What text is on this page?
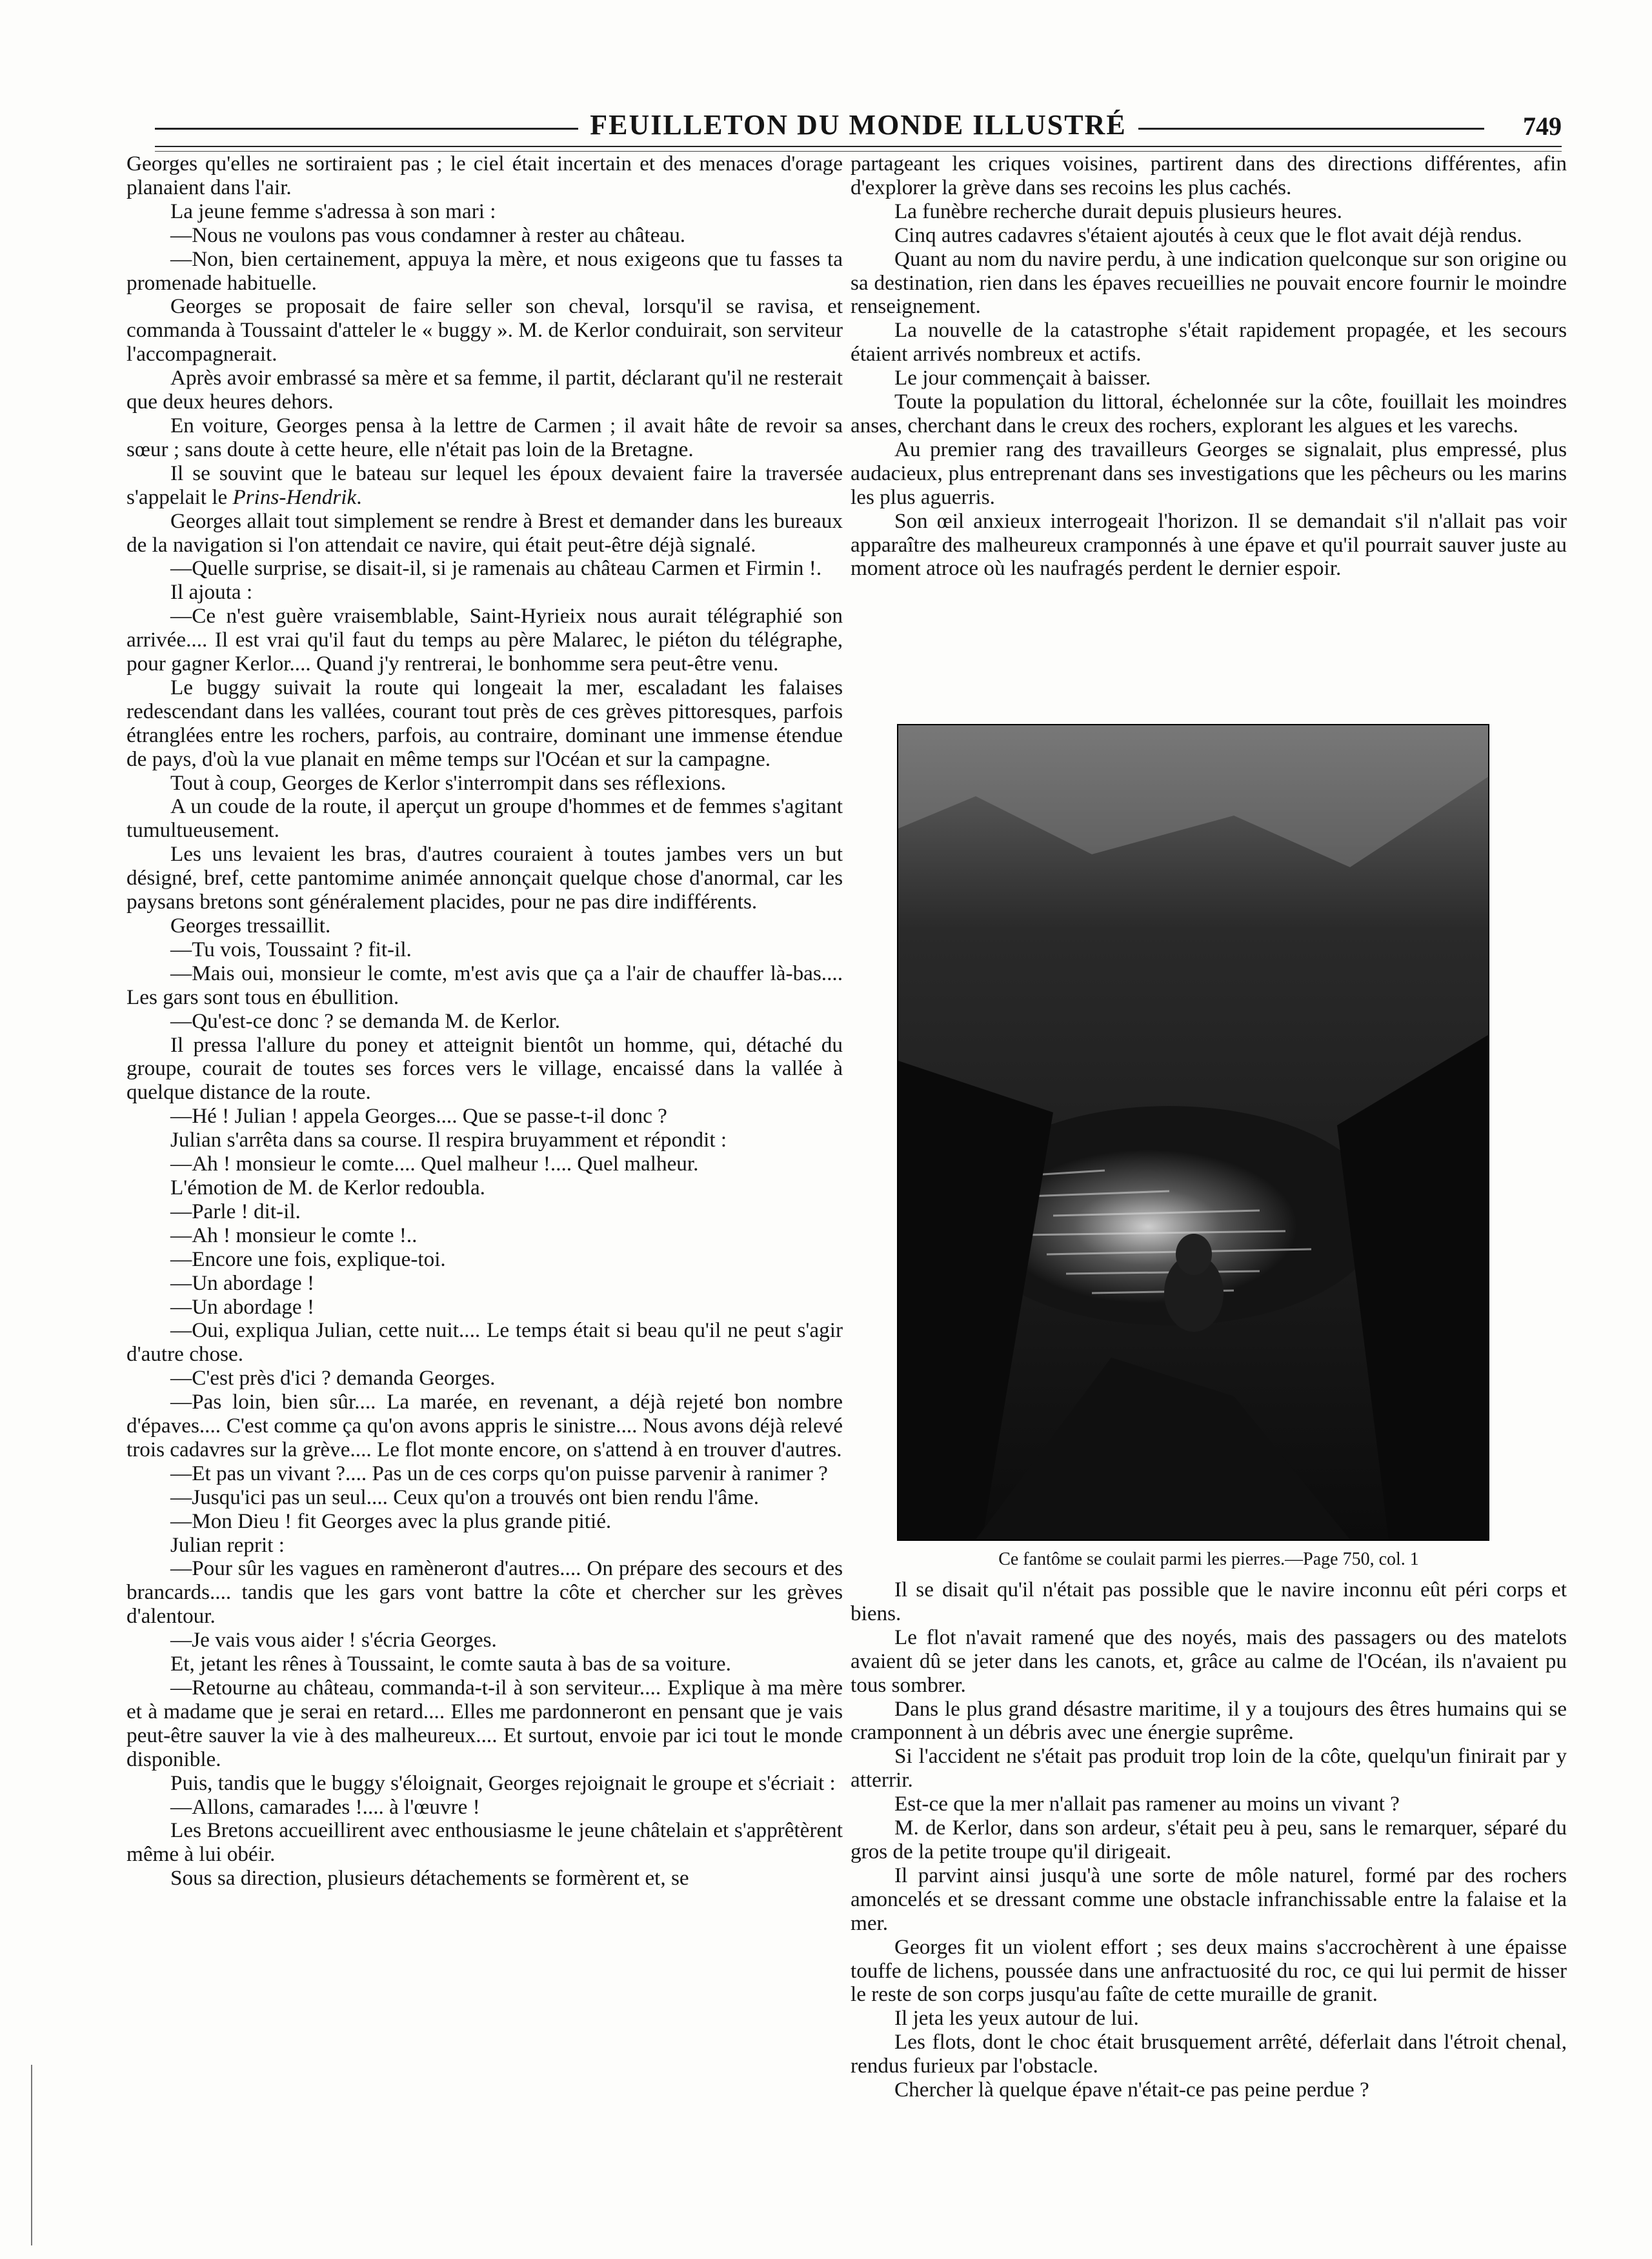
FEUILLETON DU MONDE ILLUSTRÉ	749

Georges qu'elles ne sortiraient pas ; le ciel était incertain et des menaces d'orage planaient dans l'air.

La jeune femme s'adressa à son mari :

—Nous ne voulons pas vous condamner à rester au château.

—Non, bien certainement, appuya la mère, et nous exigeons que tu fasses ta promenade habituelle.

Georges se proposait de faire seller son cheval, lorsqu'il se ravisa, et commanda à Toussaint d'atteler le « buggy ». M. de Kerlor conduirait, son serviteur l'accompagnerait.

Après avoir embrassé sa mère et sa femme, il partit, déclarant qu'il ne resterait que deux heures dehors.

En voiture, Georges pensa à la lettre de Carmen ; il avait hâte de revoir sa sœur ; sans doute à cette heure, elle n'était pas loin de la Bretagne.

Il se souvint que le bateau sur lequel les époux devaient faire la traversée s'appelait le Prins-Hendrik.

Georges allait tout simplement se rendre à Brest et demander dans les bureaux de la navigation si l'on attendait ce navire, qui était peut-être déjà signalé.

—Quelle surprise, se disait-il, si je ramenais au château Carmen et Firmin !.

Il ajouta :

—Ce n'est guère vraisemblable, Saint-Hyrieix nous aurait télégraphié son arrivée.... Il est vrai qu'il faut du temps au père Malarec, le piéton du télégraphe, pour gagner Kerlor.... Quand j'y rentrerai, le bonhomme sera peut-être venu.

Le buggy suivait la route qui longeait la mer, escaladant les falaises redescendant dans les vallées, courant tout près de ces grèves pittoresques, parfois étranglées entre les rochers, parfois, au contraire, dominant une immense étendue de pays, d'où la vue planait en même temps sur l'Océan et sur la campagne.

Tout à coup, Georges de Kerlor s'interrompit dans ses réflexions.

A un coude de la route, il aperçut un groupe d'hommes et de femmes s'agitant tumultueusement.

Les uns levaient les bras, d'autres couraient à toutes jambes vers un but désigné, bref, cette pantomime animée annonçait quelque chose d'anormal, car les paysans bretons sont généralement placides, pour ne pas dire indifférents.

Georges tressaillit.

—Tu vois, Toussaint ? fit-il.

—Mais oui, monsieur le comte, m'est avis que ça a l'air de chauffer là-bas.... Les gars sont tous en ébullition.

—Qu'est-ce donc ? se demanda M. de Kerlor.

Il pressa l'allure du poney et atteignit bientôt un homme, qui, détaché du groupe, courait de toutes ses forces vers le village, encaissé dans la vallée à quelque distance de la route.

—Hé ! Julian ! appela Georges.... Que se passe-t-il donc ?

Julian s'arrêta dans sa course. Il respira bruyamment et répondit :

—Ah ! monsieur le comte.... Quel malheur !.... Quel malheur.

L'émotion de M. de Kerlor redoubla.

—Parle ! dit-il.

—Ah ! monsieur le comte !..

—Encore une fois, explique-toi.

—Un abordage !

—Un abordage !

—Oui, expliqua Julian, cette nuit.... Le temps était si beau qu'il ne peut s'agir d'autre chose.

—C'est près d'ici ? demanda Georges.

—Pas loin, bien sûr.... La marée, en revenant, a déjà rejeté bon nombre d'épaves.... C'est comme ça qu'on avons appris le sinistre.... Nous avons déjà relevé trois cadavres sur la grève.... Le flot monte encore, on s'attend à en trouver d'autres.

—Et pas un vivant ?.... Pas un de ces corps qu'on puisse parvenir à ranimer ?

—Jusqu'ici pas un seul.... Ceux qu'on a trouvés ont bien rendu l'âme.

—Mon Dieu ! fit Georges avec la plus grande pitié.

Julian reprit :

—Pour sûr les vagues en ramèneront d'autres.... On prépare des secours et des brancards.... tandis que les gars vont battre la côte et chercher sur les grèves d'alentour.

—Je vais vous aider ! s'écria Georges.

Et, jetant les rênes à Toussaint, le comte sauta à bas de sa voiture.

—Retourne au château, commanda-t-il à son serviteur.... Explique à ma mère et à madame que je serai en retard.... Elles me pardonneront en pensant que je vais peut-être sauver la vie à des malheureux.... Et surtout, envoie par ici tout le monde disponible.

Puis, tandis que le buggy s'éloignait, Georges rejoignait le groupe et s'écriait :

—Allons, camarades !.... à l'œuvre !

Les Bretons accueillirent avec enthousiasme le jeune châtelain et s'apprêtèrent même à lui obéir.

Sous sa direction, plusieurs détachements se formèrent et, se

partageant les criques voisines, partirent dans des directions différentes, afin d'explorer la grève dans ses recoins les plus cachés.

La funèbre recherche durait depuis plusieurs heures.

Cinq autres cadavres s'étaient ajoutés à ceux que le flot avait déjà rendus.

Quant au nom du navire perdu, à une indication quelconque sur son origine ou sa destination, rien dans les épaves recueillies ne pouvait encore fournir le moindre renseignement.

La nouvelle de la catastrophe s'était rapidement propagée, et les secours étaient arrivés nombreux et actifs.

Le jour commençait à baisser.

Toute la population du littoral, échelonnée sur la côte, fouillait les moindres anses, cherchant dans le creux des rochers, explorant les algues et les varechs.

Au premier rang des travailleurs Georges se signalait, plus empressé, plus audacieux, plus entreprenant dans ses investigations que les pêcheurs ou les marins les plus aguerris.

Son œil anxieux interrogeait l'horizon. Il se demandait s'il n'allait pas voir apparaître des malheureux cramponnés à une épave et qu'il pourrait sauver juste au moment atroce où les naufragés perdent le dernier espoir.

Ce fantôme se coulait parmi les pierres.—Page 750, col. 1

Il se disait qu'il n'était pas possible que le navire inconnu eût péri corps et biens.

Le flot n'avait ramené que des noyés, mais des passagers ou des matelots avaient dû se jeter dans les canots, et, grâce au calme de l'Océan, ils n'avaient pu tous sombrer.

Dans le plus grand désastre maritime, il y a toujours des êtres humains qui se cramponnent à un débris avec une énergie suprême.

Si l'accident ne s'était pas produit trop loin de la côte, quelqu'un finirait par y atterrir.

Est-ce que la mer n'allait pas ramener au moins un vivant ?

M. de Kerlor, dans son ardeur, s'était peu à peu, sans le remarquer, séparé du gros de la petite troupe qu'il dirigeait.

Il parvint ainsi jusqu'à une sorte de môle naturel, formé par des rochers amoncelés et se dressant comme une obstacle infranchissable entre la falaise et la mer.

Georges fit un violent effort ; ses deux mains s'accrochèrent à une épaisse touffe de lichens, poussée dans une anfractuosité du roc, ce qui lui permit de hisser le reste de son corps jusqu'au faîte de cette muraille de granit.

Il jeta les yeux autour de lui.

Les flots, dont le choc était brusquement arrêté, déferlait dans l'étroit chenal, rendus furieux par l'obstacle.

Chercher là quelque épave n'était-ce pas peine perdue ?
